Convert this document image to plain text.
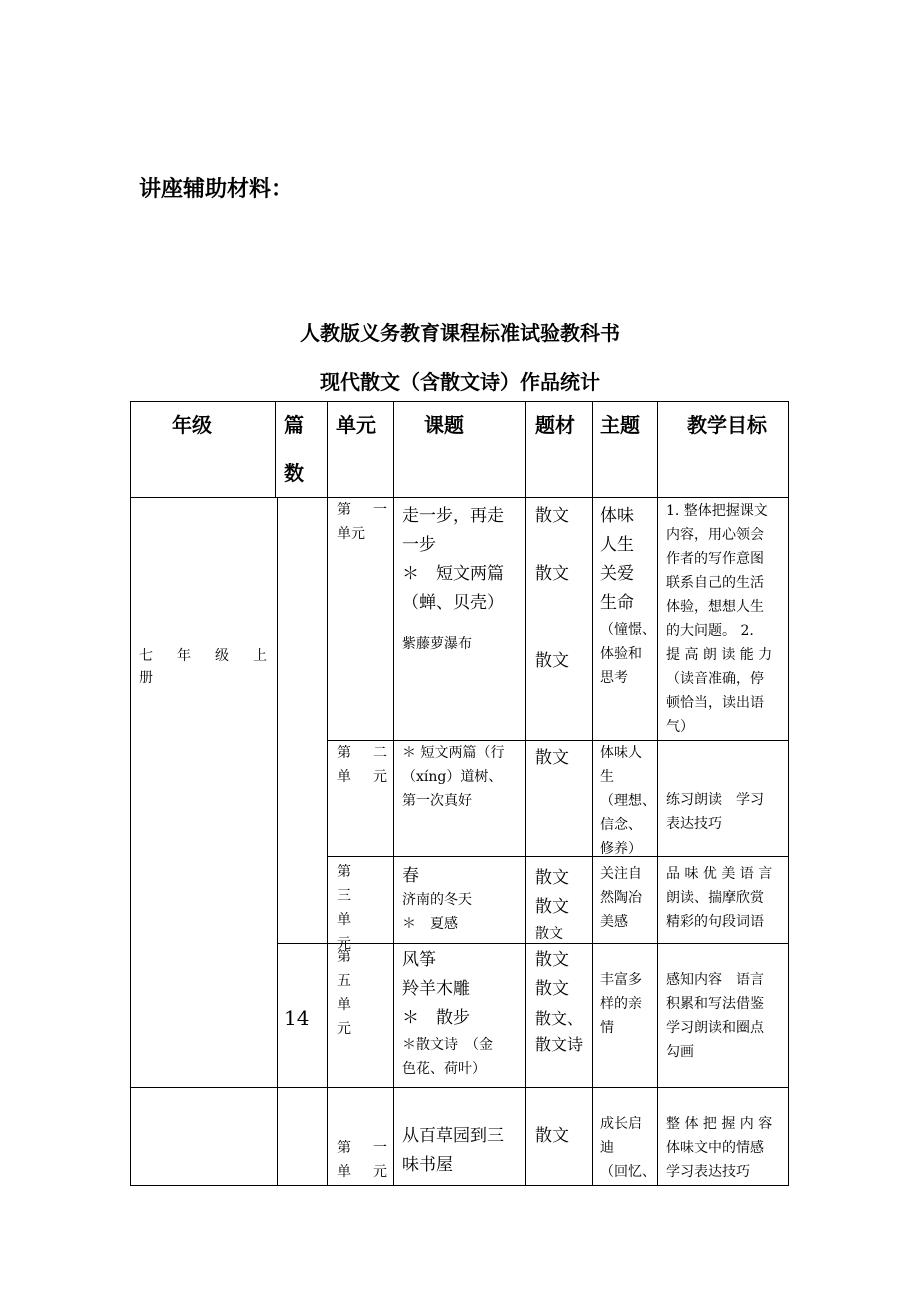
讲座辅助材料：
人教版义务教育课程标准试验教科书
现代散文（含散文诗）作品统计
年级	篇
数
单元 课题	题材 主题 教学目标
七 年 级 上
册
14
第　一
单元
走一步，再走
一步
＊　短文两篇
（蝉、贝壳）
紫藤萝瀑布
散文
散文
散文
体味
人生
关爱
生命
（憧憬、
体验和
思考
1. 整体把握课文
内容，用心领会
作者的写作意图
联系自己的生活
体验，想想人生
的大问题。 2.
提 高 朗 读 能 力
（读音准确，停
顿恰当，读出语
气）
第　二
单　元
＊ 短文两篇（行
（xíng）道树、
第一次真好
散文 体味人
生
（理想、
信念、
修养）
练习朗读　学习
表达技巧
第　三
单　元
春
济南的冬天
＊　夏感
散文
散文
散文
关注自
然陶冶
美感
品 味 优 美 语 言
朗读、揣摩欣赏
精彩的句段词语
第　五
单　元
风筝
羚羊木雕
＊　散步
＊散文诗　（金
色花、荷叶）
散文
散文
散文、
散文诗
丰富多
样的亲
情
感知内容　语言
积累和写法借鉴
学习朗读和圈点
勾画
第　一
单　元
从百草园到三
味书屋
散文
成长启
迪
（回忆、
整 体 把 握 内 容
体味文中的情感
学习表达技巧
